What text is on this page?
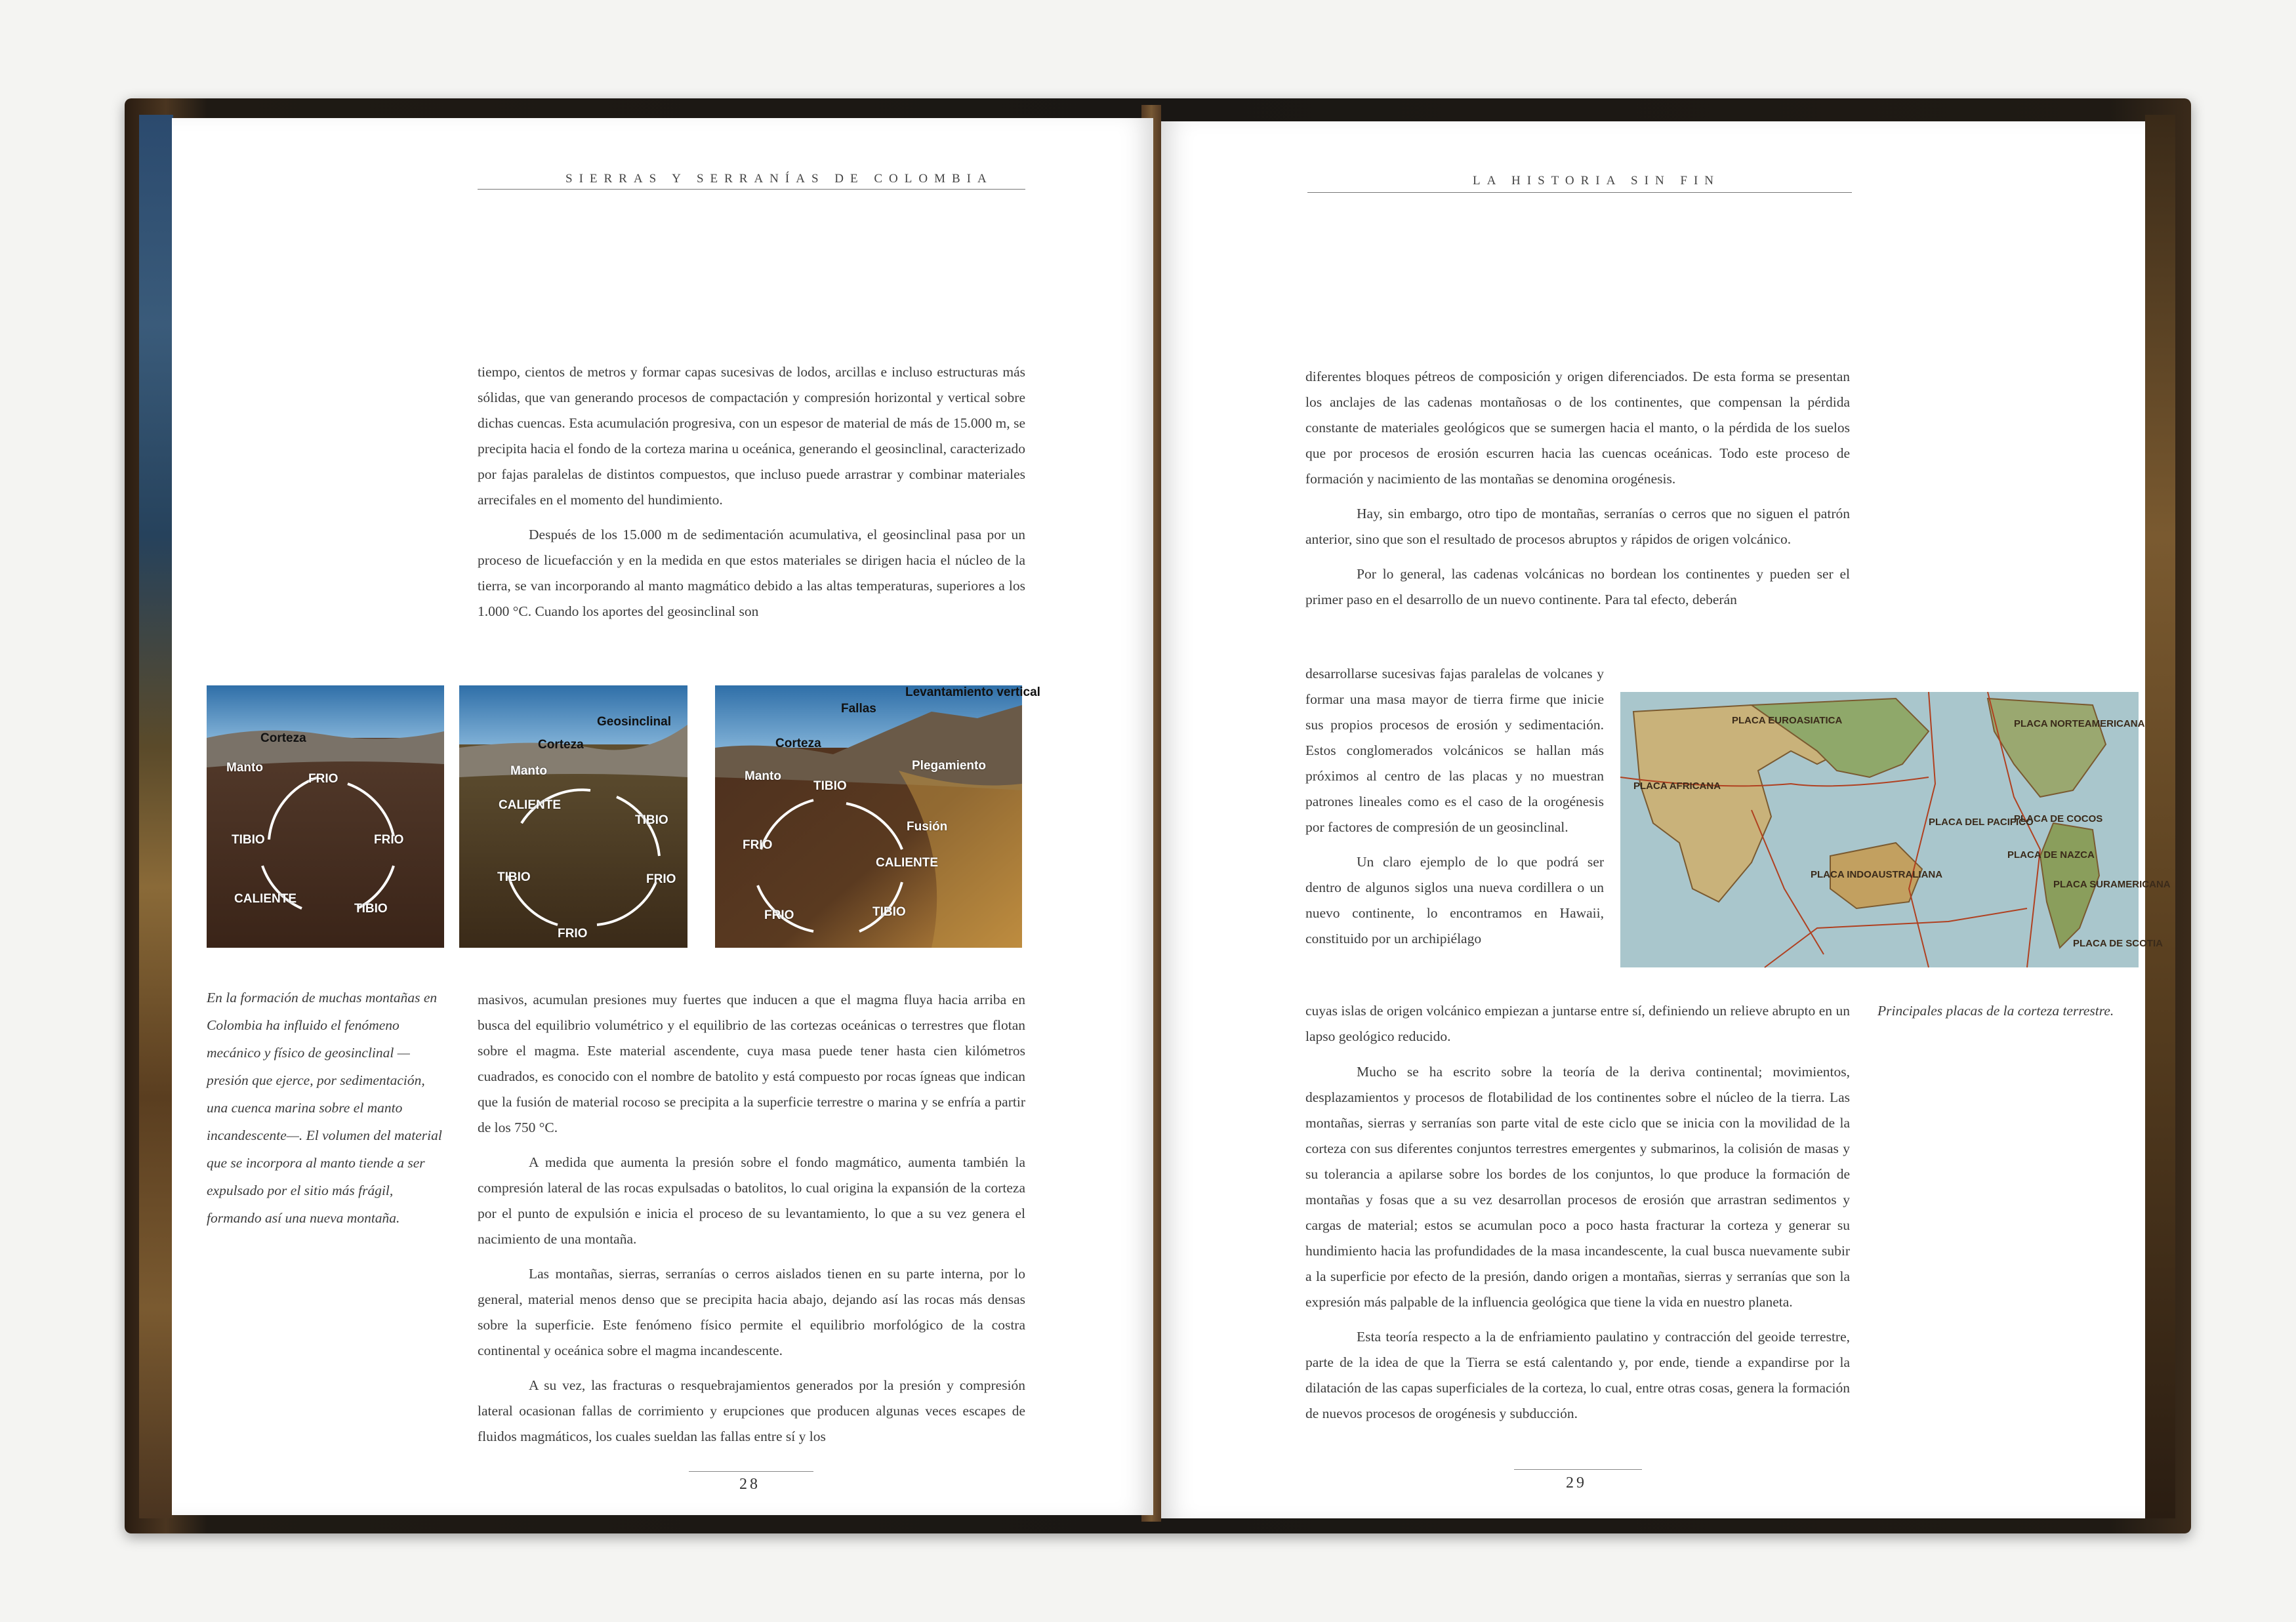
SIERRAS Y SERRANÍAS DE COLOMBIA

tiempo, cientos de metros y formar capas sucesivas de lodos, arcillas e incluso estructuras más sólidas, que van generando procesos de compactación y compresión horizontal y vertical sobre dichas cuencas. Esta acumulación progresiva, con un espesor de material de más de 15.000 m, se precipita hacia el fondo de la corteza marina u oceánica, generando el geosinclinal, caracterizado por fajas paralelas de distintos compuestos, que incluso puede arrastrar y combinar materiales arrecifales en el momento del hundimiento.

Después de los 15.000 m de sedimentación acumulativa, el geosinclinal pasa por un proceso de licuefacción y en la medida en que estos materiales se dirigen hacia el núcleo de la tierra, se van incorporando al manto magmático debido a las altas temperaturas, superiores a los 1.000 °C. Cuando los aportes del geosinclinal son

Corteza
Manto
FRIO
TIBIO	FRIO
CALIENTE
TIBIO
Geosinclinal
Corteza
Manto
CALIENTE
TIBIO
TIBIO	FRIO
FRIO
Levantamiento vertical
Fallas
Corteza
Manto
Plegamiento
TIBIO
Fusión
FRIO
CALIENTE
FRIO	TIBIO
En la formación de muchas montañas en Colombia ha influido el fenómeno mecánico y físico de geosinclinal —presión que ejerce, por sedimentación, una cuenca marina sobre el manto incandescente—. El volumen del material que se incorpora al manto tiende a ser expulsado por el sitio más frágil, formando así una nueva montaña.

masivos, acumulan presiones muy fuertes que inducen a que el magma fluya hacia arriba en busca del equilibrio volumétrico y el equilibrio de las cortezas oceánicas o terrestres que flotan sobre el magma. Este material ascendente, cuya masa puede tener hasta cien kilómetros cuadrados, es conocido con el nombre de batolito y está compuesto por rocas ígneas que indican que la fusión de material rocoso se precipita a la superficie terrestre o marina y se enfría a partir de los 750 °C.

A medida que aumenta la presión sobre el fondo magmático, aumenta también la compresión lateral de las rocas expulsadas o batolitos, lo cual origina la expansión de la corteza por el punto de expulsión e inicia el proceso de su levantamiento, lo que a su vez genera el nacimiento de una montaña.

Las montañas, sierras, serranías o cerros aislados tienen en su parte interna, por lo general, material menos denso que se precipita hacia abajo, dejando así las rocas más densas sobre la superficie. Este fenómeno físico permite el equilibrio morfológico de la costra continental y oceánica sobre el magma incandescente.

A su vez, las fracturas o resquebrajamientos generados por la presión y compresión lateral ocasionan fallas de corrimiento y erupciones que producen algunas veces escapes de fluidos magmáticos, los cuales sueldan las fallas entre sí y los

28
LA HISTORIA SIN FIN

diferentes bloques pétreos de composición y origen diferenciados. De esta forma se presentan los anclajes de las cadenas montañosas o de los continentes, que compensan la pérdida constante de materiales geológicos que se sumergen hacia el manto, o la pérdida de los suelos que por procesos de erosión escurren hacia las cuencas oceánicas. Todo este proceso de formación y nacimiento de las montañas se denomina orogénesis.

Hay, sin embargo, otro tipo de montañas, serranías o cerros que no siguen el patrón anterior, sino que son el resultado de procesos abruptos y rápidos de origen volcánico.

Por lo general, las cadenas volcánicas no bordean los continentes y pueden ser el primer paso en el desarrollo de un nuevo continente. Para tal efecto, deberán

desarrollarse sucesivas fajas paralelas de volcanes y formar una masa mayor de tierra firme que inicie sus propios procesos de erosión y sedimentación. Estos conglomerados volcánicos se hallan más próximos al centro de las placas y no muestran patrones lineales como es el caso de la orogénesis por factores de compresión de un geosinclinal.

Un claro ejemplo de lo que podrá ser dentro de algunos siglos una nueva cordillera o un nuevo continente, lo encontramos en Hawaii, constituido por un archipiélago

cuyas islas de origen volcánico empiezan a juntarse entre sí, definiendo un relieve abrupto en un lapso geológico reducido.
PLACA EUROASIATICA	PLACA NORTEAMERICANA
PLACA AFRICANA
PLACA DEL PACIFICO
PLACA INDOAUSTRALIANA
PLACA DE NAZCA
PLACA SURAMERICANA
PLACA DE COCOS
PLACA DE SCOTIA
Principales placas de la corteza terrestre.

Mucho se ha escrito sobre la teoría de la deriva continental; movimientos, desplazamientos y procesos de flotabilidad de los continentes sobre el núcleo de la tierra. Las montañas, sierras y serranías son parte vital de este ciclo que se inicia con la movilidad de la corteza con sus diferentes conjuntos terrestres emergentes y submarinos, la colisión de masas y su tolerancia a apilarse sobre los bordes de los conjuntos, lo que produce la formación de montañas y fosas que a su vez desarrollan procesos de erosión que arrastran sedimentos y cargas de material; estos se acumulan poco a poco hasta fracturar la corteza y generar su hundimiento hacia las profundidades de la masa incandescente, la cual busca nuevamente subir a la superficie por efecto de la presión, dando origen a montañas, sierras y serranías que son la expresión más palpable de la influencia geológica que tiene la vida en nuestro planeta.

Esta teoría respecto a la de enfriamiento paulatino y contracción del geoide terrestre, parte de la idea de que la Tierra se está calentando y, por ende, tiende a expandirse por la dilatación de las capas superficiales de la corteza, lo cual, entre otras cosas, genera la formación de nuevos procesos de orogénesis y subducción.

29
